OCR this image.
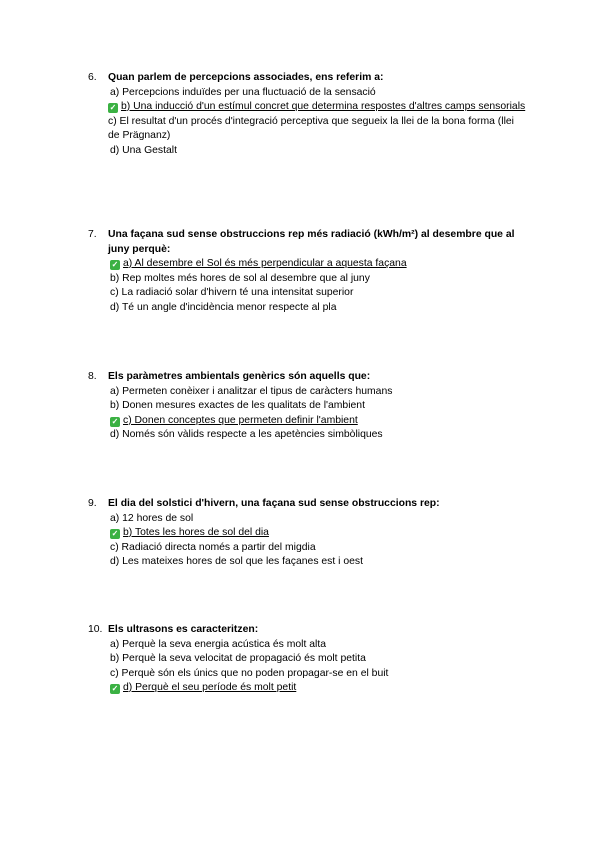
6.	Quan parlem de percepcions associades, ens referim a:
a) Percepcions induïdes per una fluctuació de la sensació
✓ b) Una inducció d'un estímul concret que determina respostes d'altres camps sensorials
c) El resultat d'un procés d'integració perceptiva que segueix la llei de la bona forma (llei de Prägnanz)
d) Una Gestalt
7.	Una façana sud sense obstruccions rep més radiació (kWh/m²) al desembre que al juny perquè:
✓ a) Al desembre el Sol és més perpendicular a aquesta façana
b) Rep moltes més hores de sol al desembre que al juny
c) La radiació solar d'hivern té una intensitat superior
d) Té un angle d'incidència menor respecte al pla
8.	Els paràmetres ambientals genèrics són aquells que:
a) Permeten conèixer i analitzar el tipus de caràcters humans
b) Donen mesures exactes de les qualitats de l'ambient
✓ c) Donen conceptes que permeten definir l'ambient
d) Només són vàlids respecte a les apetències simbòliques
9.	El dia del solstici d'hivern, una façana sud sense obstruccions rep:
a) 12 hores de sol
✓ b) Totes les hores de sol del dia
c) Radiació directa només a partir del migdia
d) Les mateixes hores de sol que les façanes est i oest
10. Els ultrasons es caracteritzen:
a) Perquè la seva energia acústica és molt alta
b) Perquè la seva velocitat de propagació és molt petita
c) Perquè són els únics que no poden propagar-se en el buit
✓ d) Perquè el seu període és molt petit
